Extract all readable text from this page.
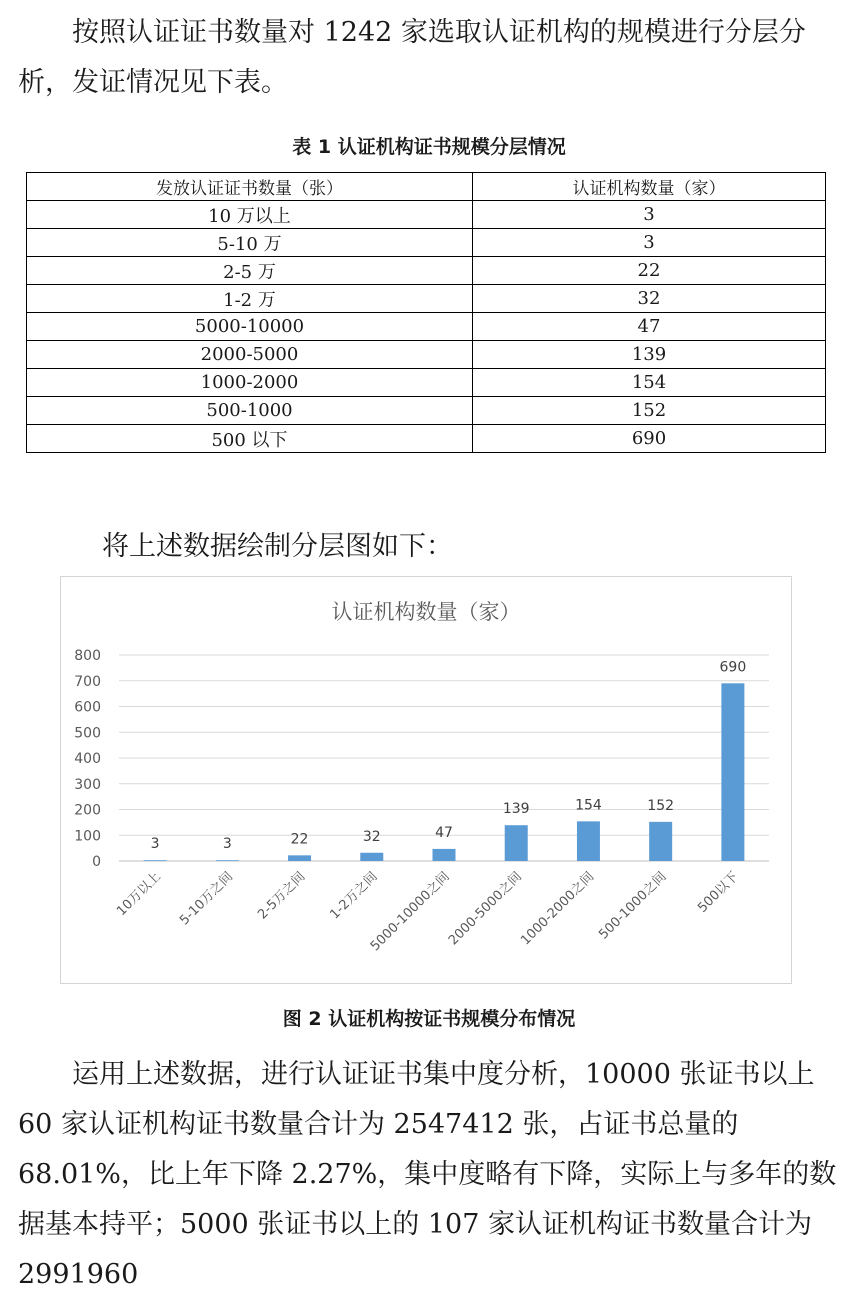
按照认证证书数量对 1242 家选取认证机构的规模进行分层分析，发证情况见下表。

表 1 认证机构证书规模分层情况

发放认证证书数量（张）	认证机构数量（家）
10 万以上	3
5-10 万	3
2-5 万	22
1-2 万	32
5000-10000	47
2000-5000	139
1000-2000	154
500-1000	152
500 以下	690

将上述数据绘制分层图如下：

认证机构数量（家）
0
100
200
300
400
500
600
700
800
3
10万以上
3
5-10万之间
22
2-5万之间
32
1-2万之间
47
5000-10000之间
139
2000-5000之间
154
1000-2000之间
152
500-1000之间
690
500以下

图 2 认证机构按证书规模分布情况

运用上述数据，进行认证证书集中度分析，10000 张证书以上 60 家认证机构证书数量合计为 2547412 张，占证书总量的 68.01%，比上年下降 2.27%，集中度略有下降，实际上与多年的数据基本持平；5000 张证书以上的 107 家认证机构证书数量合计为 2991960
